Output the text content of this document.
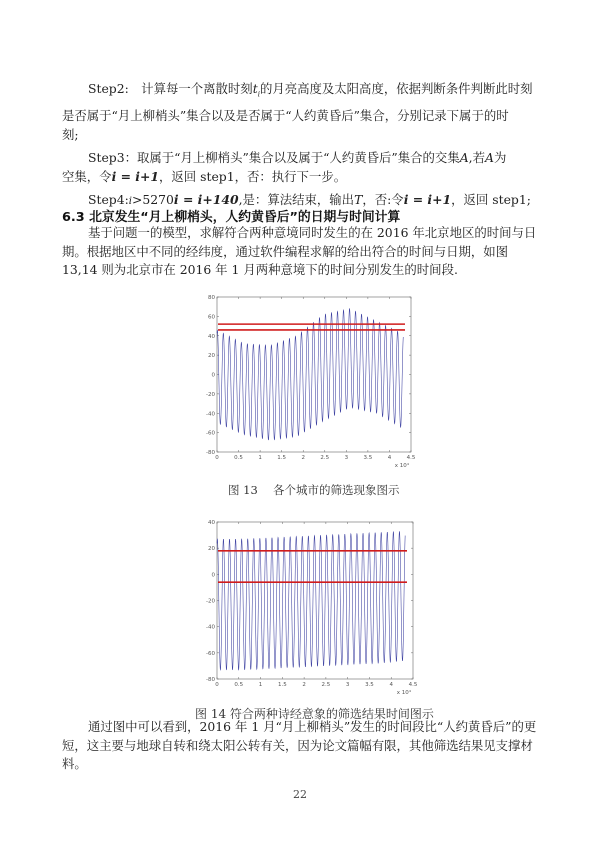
Step2:　计算每一个离散时刻$t_i$的月亮高度及太阳高度，依据判断条件判断此时刻

是否属于“月上柳梢头”集合以及是否属于“人约黄昏后”集合，分别记录下属于的时

刻;

Step3：取属于“月上柳梢头”集合以及属于“人约黄昏后”集合的交集A,若A为

空集，令i = i+1，返回 step1，否：执行下一步。

Step4:i>5270i = i+140,是：算法结束，输出T，否:令i = i+1，返回 step1;

6.3 北京发生“月上柳梢头，人约黄昏后”的日期与时间计算

基于问题一的模型，求解符合两种意境同时发生的在 2016 年北京地区的时间与日期。根据地区中不同的经纬度，通过软件编程求解的给出符合的时间与日期，如图 13,14 则为北京市在 2016 年 1 月两种意境下的时间分别发生的时间段.

0	0.5	1	1.5	2	2.5	3	3.5	4	4.5
x 10⁴
80
60
40
20
0
-20
-40
-60
-80
图 13　 各个城市的筛选现象图示
0	0.5	1	1.5	2	2.5	3	3.5	4	4.5
x 10⁴
40
20
0
-20
-40
-60
-80
图 14 符合两种诗经意象的筛选结果时间图示

通过图中可以看到，2016 年 1 月“月上柳梢头”发生的时间段比“人约黄昏后”的更短，这主要与地球自转和绕太阳公转有关，因为论文篇幅有限，其他筛选结果见支撑材料。

22
